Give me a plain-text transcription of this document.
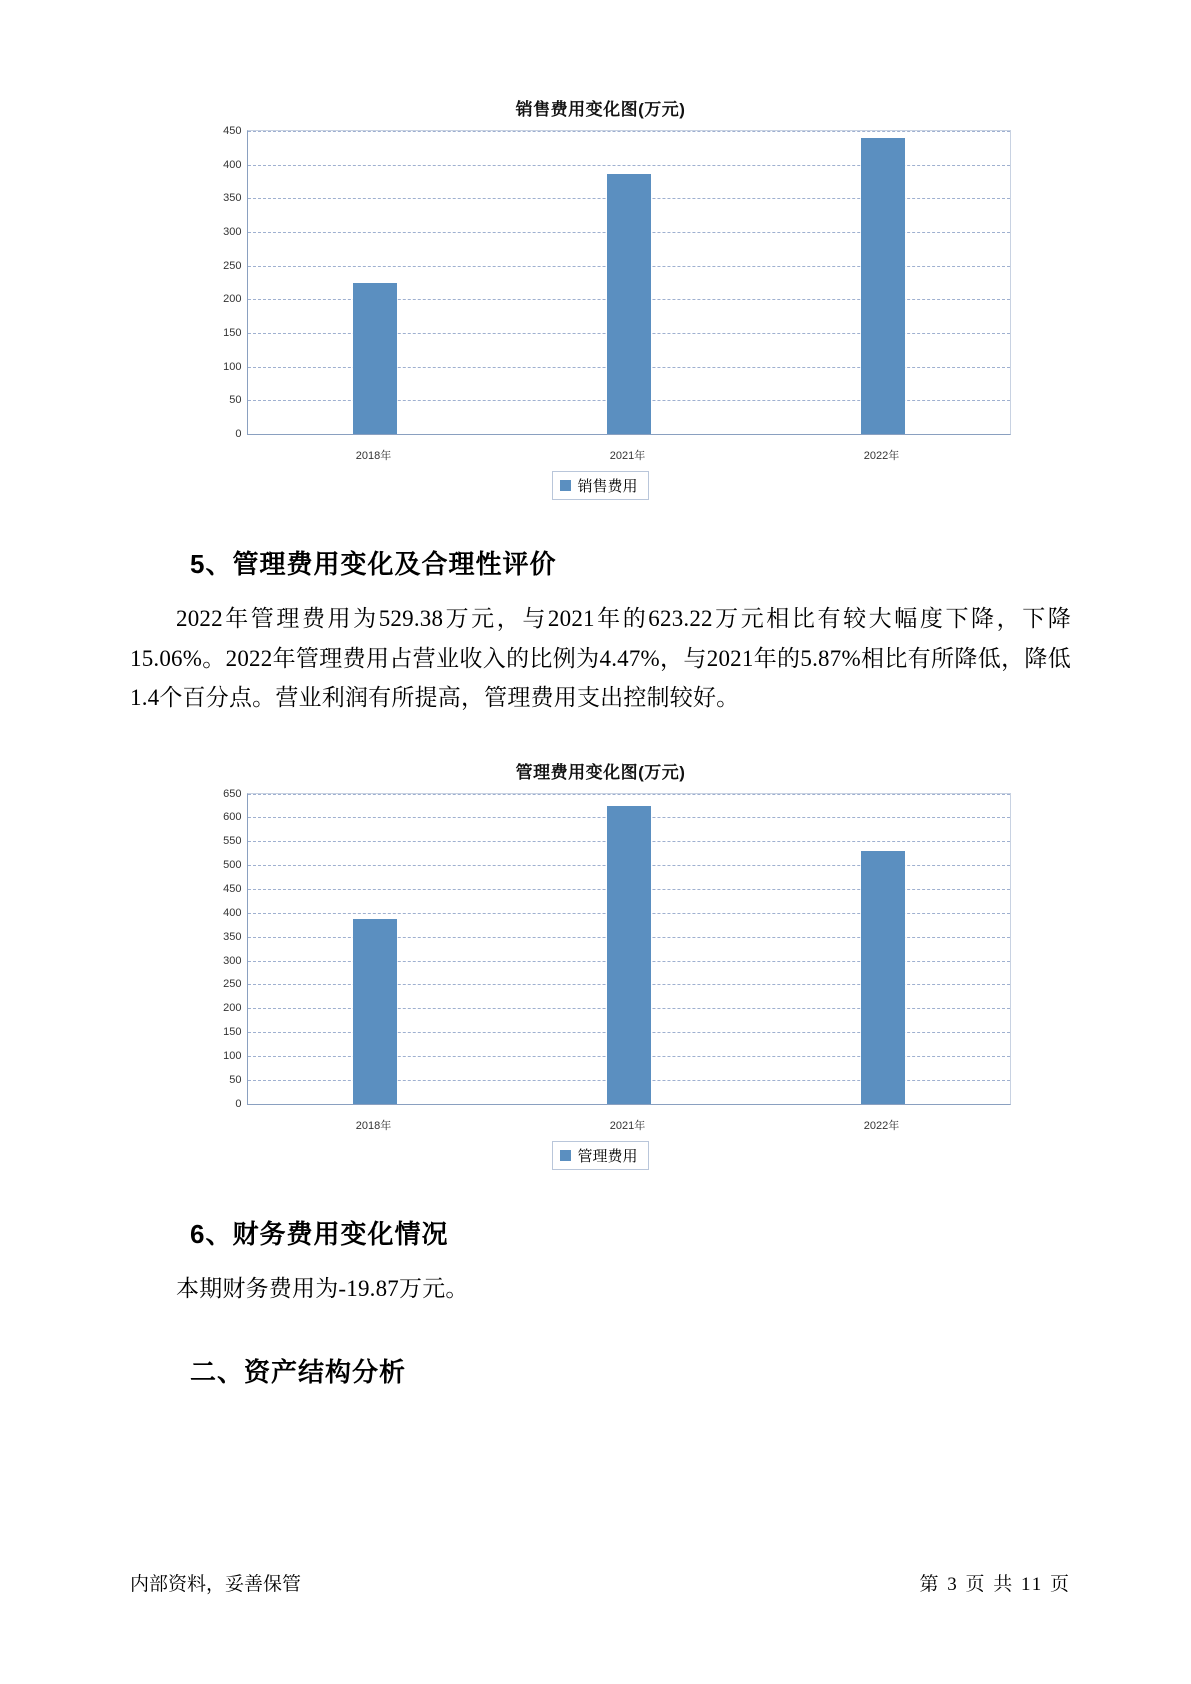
销售费用变化图(万元)
0
50
100
150
200
250
300
350
400
450
2018年	2021年	2022年
销售费用
5、管理费用变化及合理性评价

2022年管理费用为529.38万元，与2021年的623.22万元相比有较大幅度下降，下降15.06%。2022年管理费用占营业收入的比例为4.47%，与2021年的5.87%相比有所降低，降低1.4个百分点。营业利润有所提高，管理费用支出控制较好。

管理费用变化图(万元)
0
50
100
150
200
250
300
350
400
450
500
550
600
650
2018年	2021年	2022年
管理费用
6、财务费用变化情况

本期财务费用为-19.87万元。

二、资产结构分析
内部资料，妥善保管	第 3 页 共 11 页
